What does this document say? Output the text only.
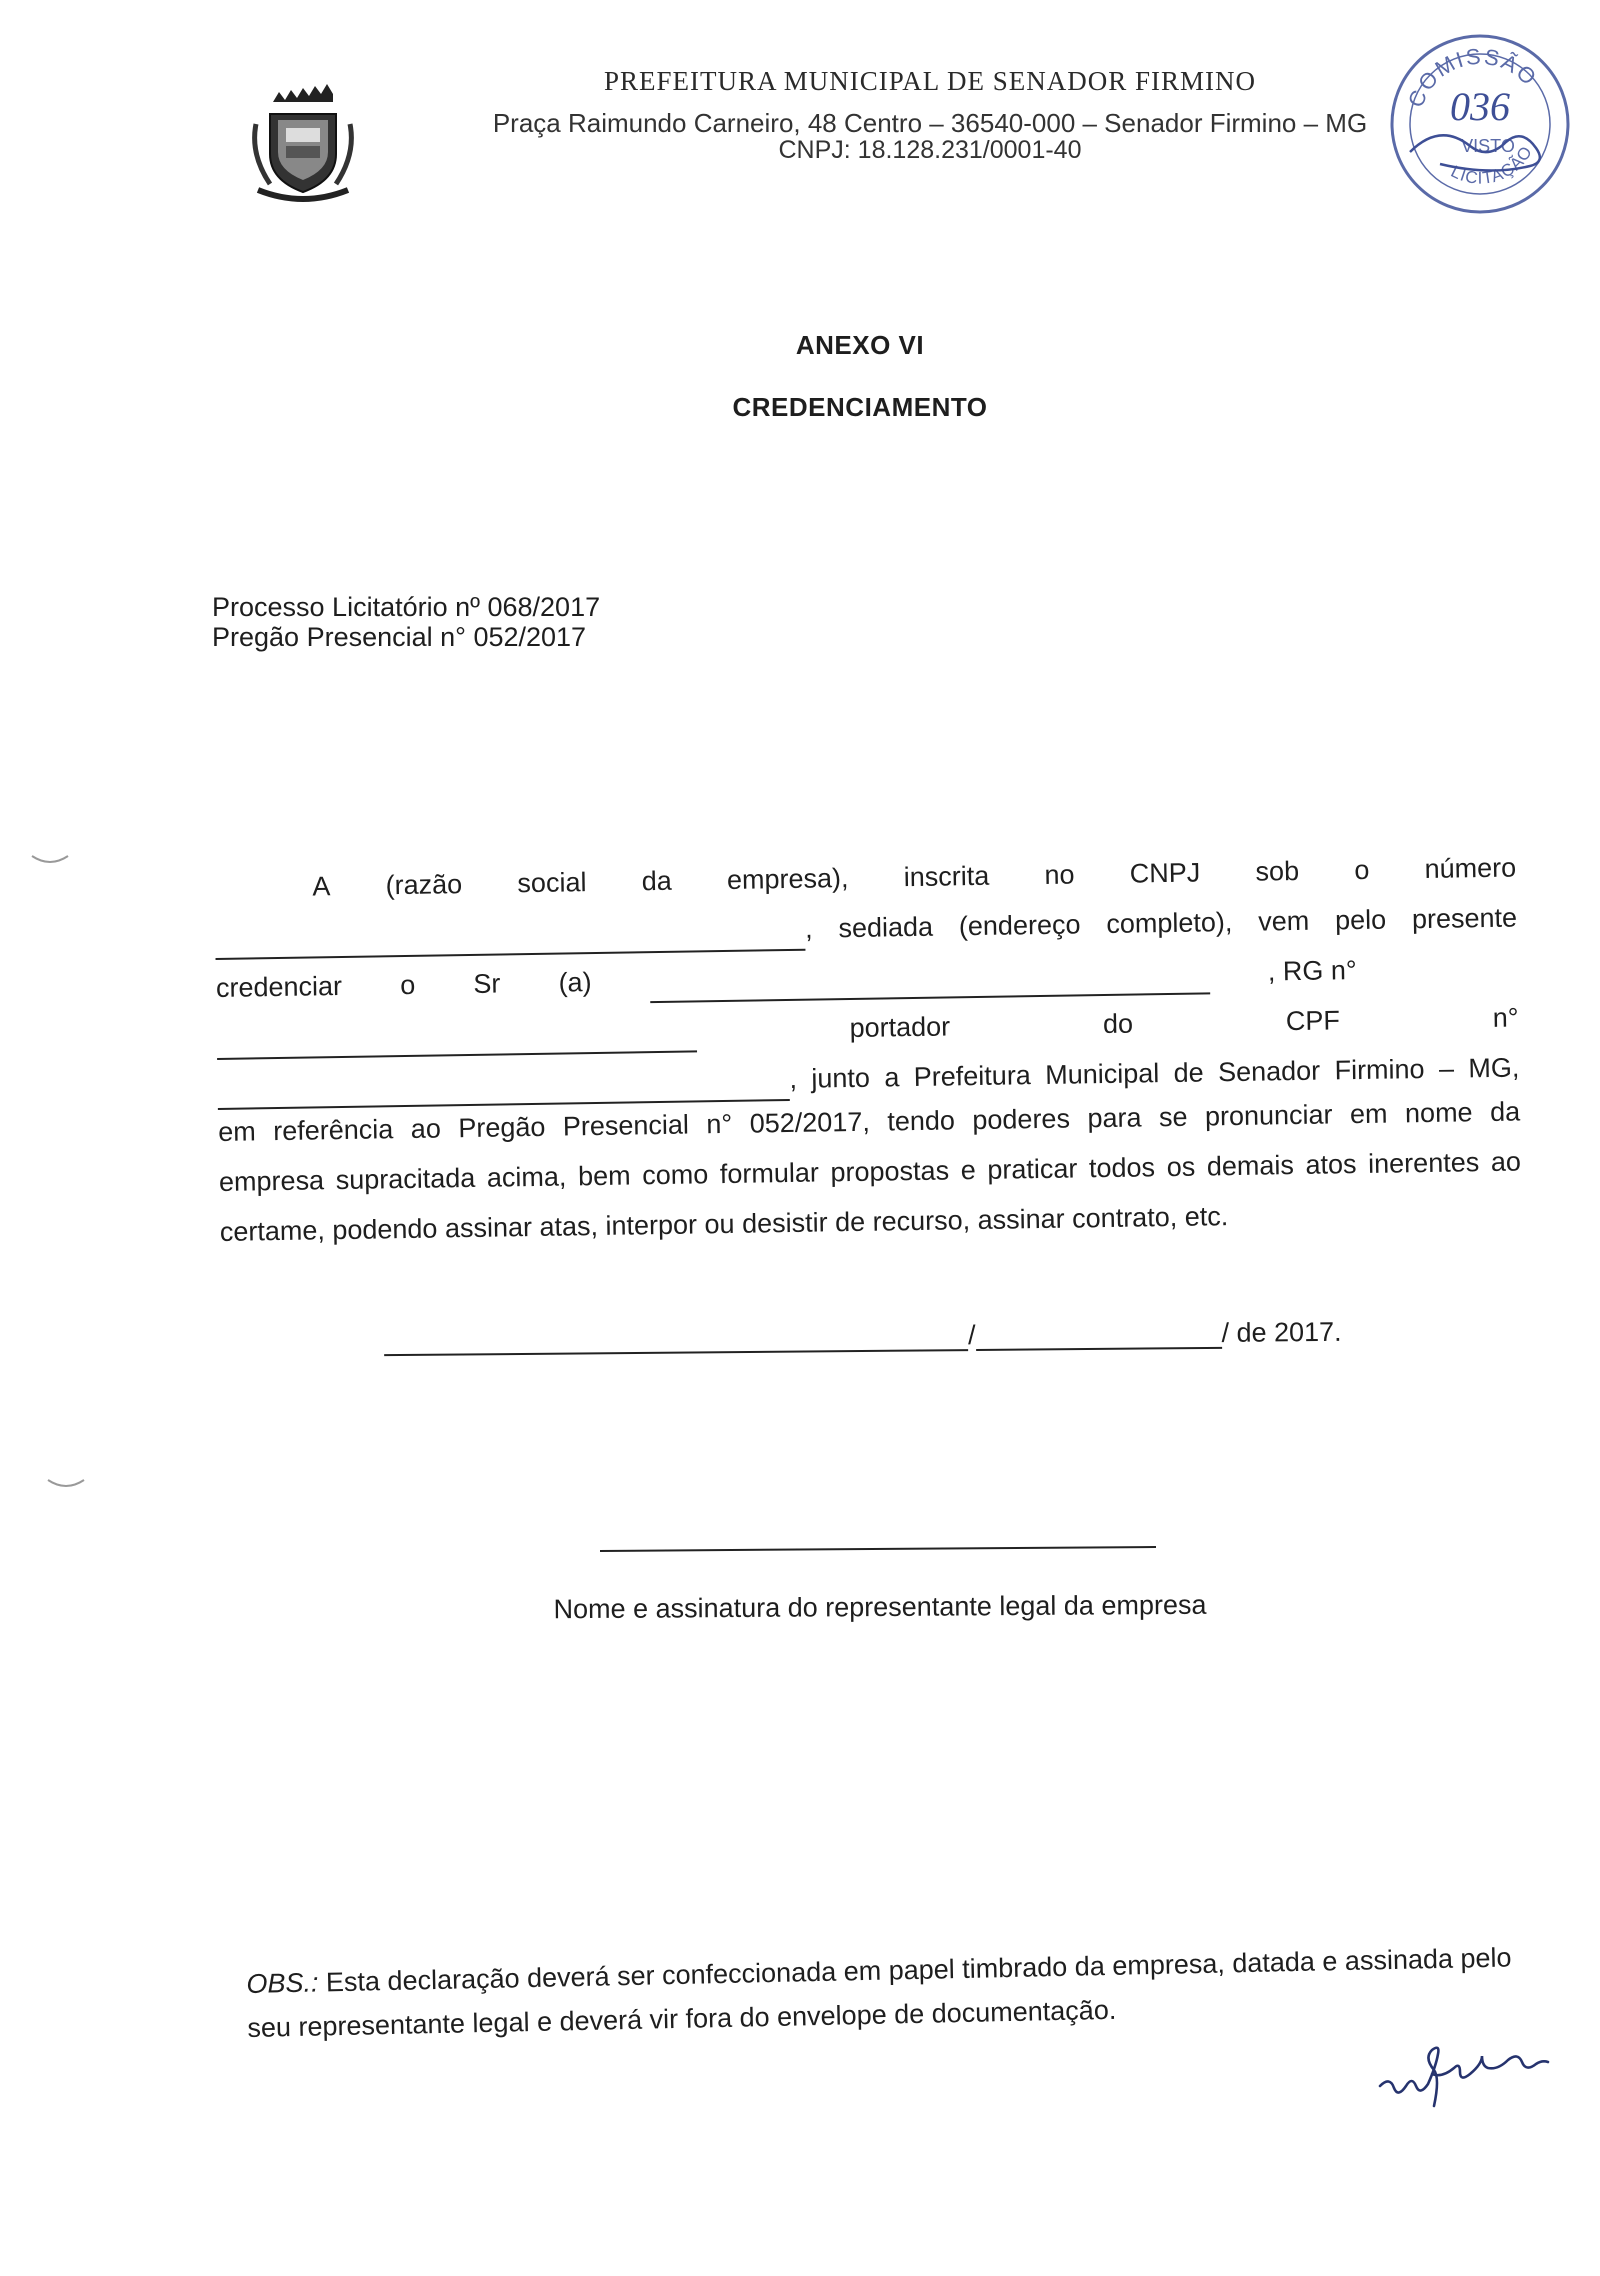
PREFEITURA MUNICIPAL DE SENADOR FIRMINO
Praça Raimundo Carneiro, 48 Centro – 36540-000 – Senador Firmino – MG
CNPJ: 18.128.231/0001-40
COMISSÃO
036
VISTO
LICITAÇÃO
ANEXO VI
CREDENCIAMENTO
Processo Licitatório nº 068/2017
Pregão Presencial n° 052/2017
A (razão social da empresa), inscrita no CNPJ sob o número
, sediada (endereço completo), vem pelo presente
credenciar o Sr (a)	, RG n°
portador	do	CPF	n°
, junto a Prefeitura Municipal de Senador Firmino – MG,
em referência ao Pregão Presencial n° 052/2017, tendo poderes para se pronunciar em nome da
empresa supracitada acima, bem como formular propostas e praticar todos os demais atos inerentes ao
certame, podendo assinar atas, interpor ou desistir de recurso, assinar contrato, etc.
/	/ de 2017.
Nome e assinatura do representante legal da empresa
OBS.: Esta declaração deverá ser confeccionada em papel timbrado da empresa, datada e assinada pelo seu representante legal e deverá vir fora do envelope de documentação.
